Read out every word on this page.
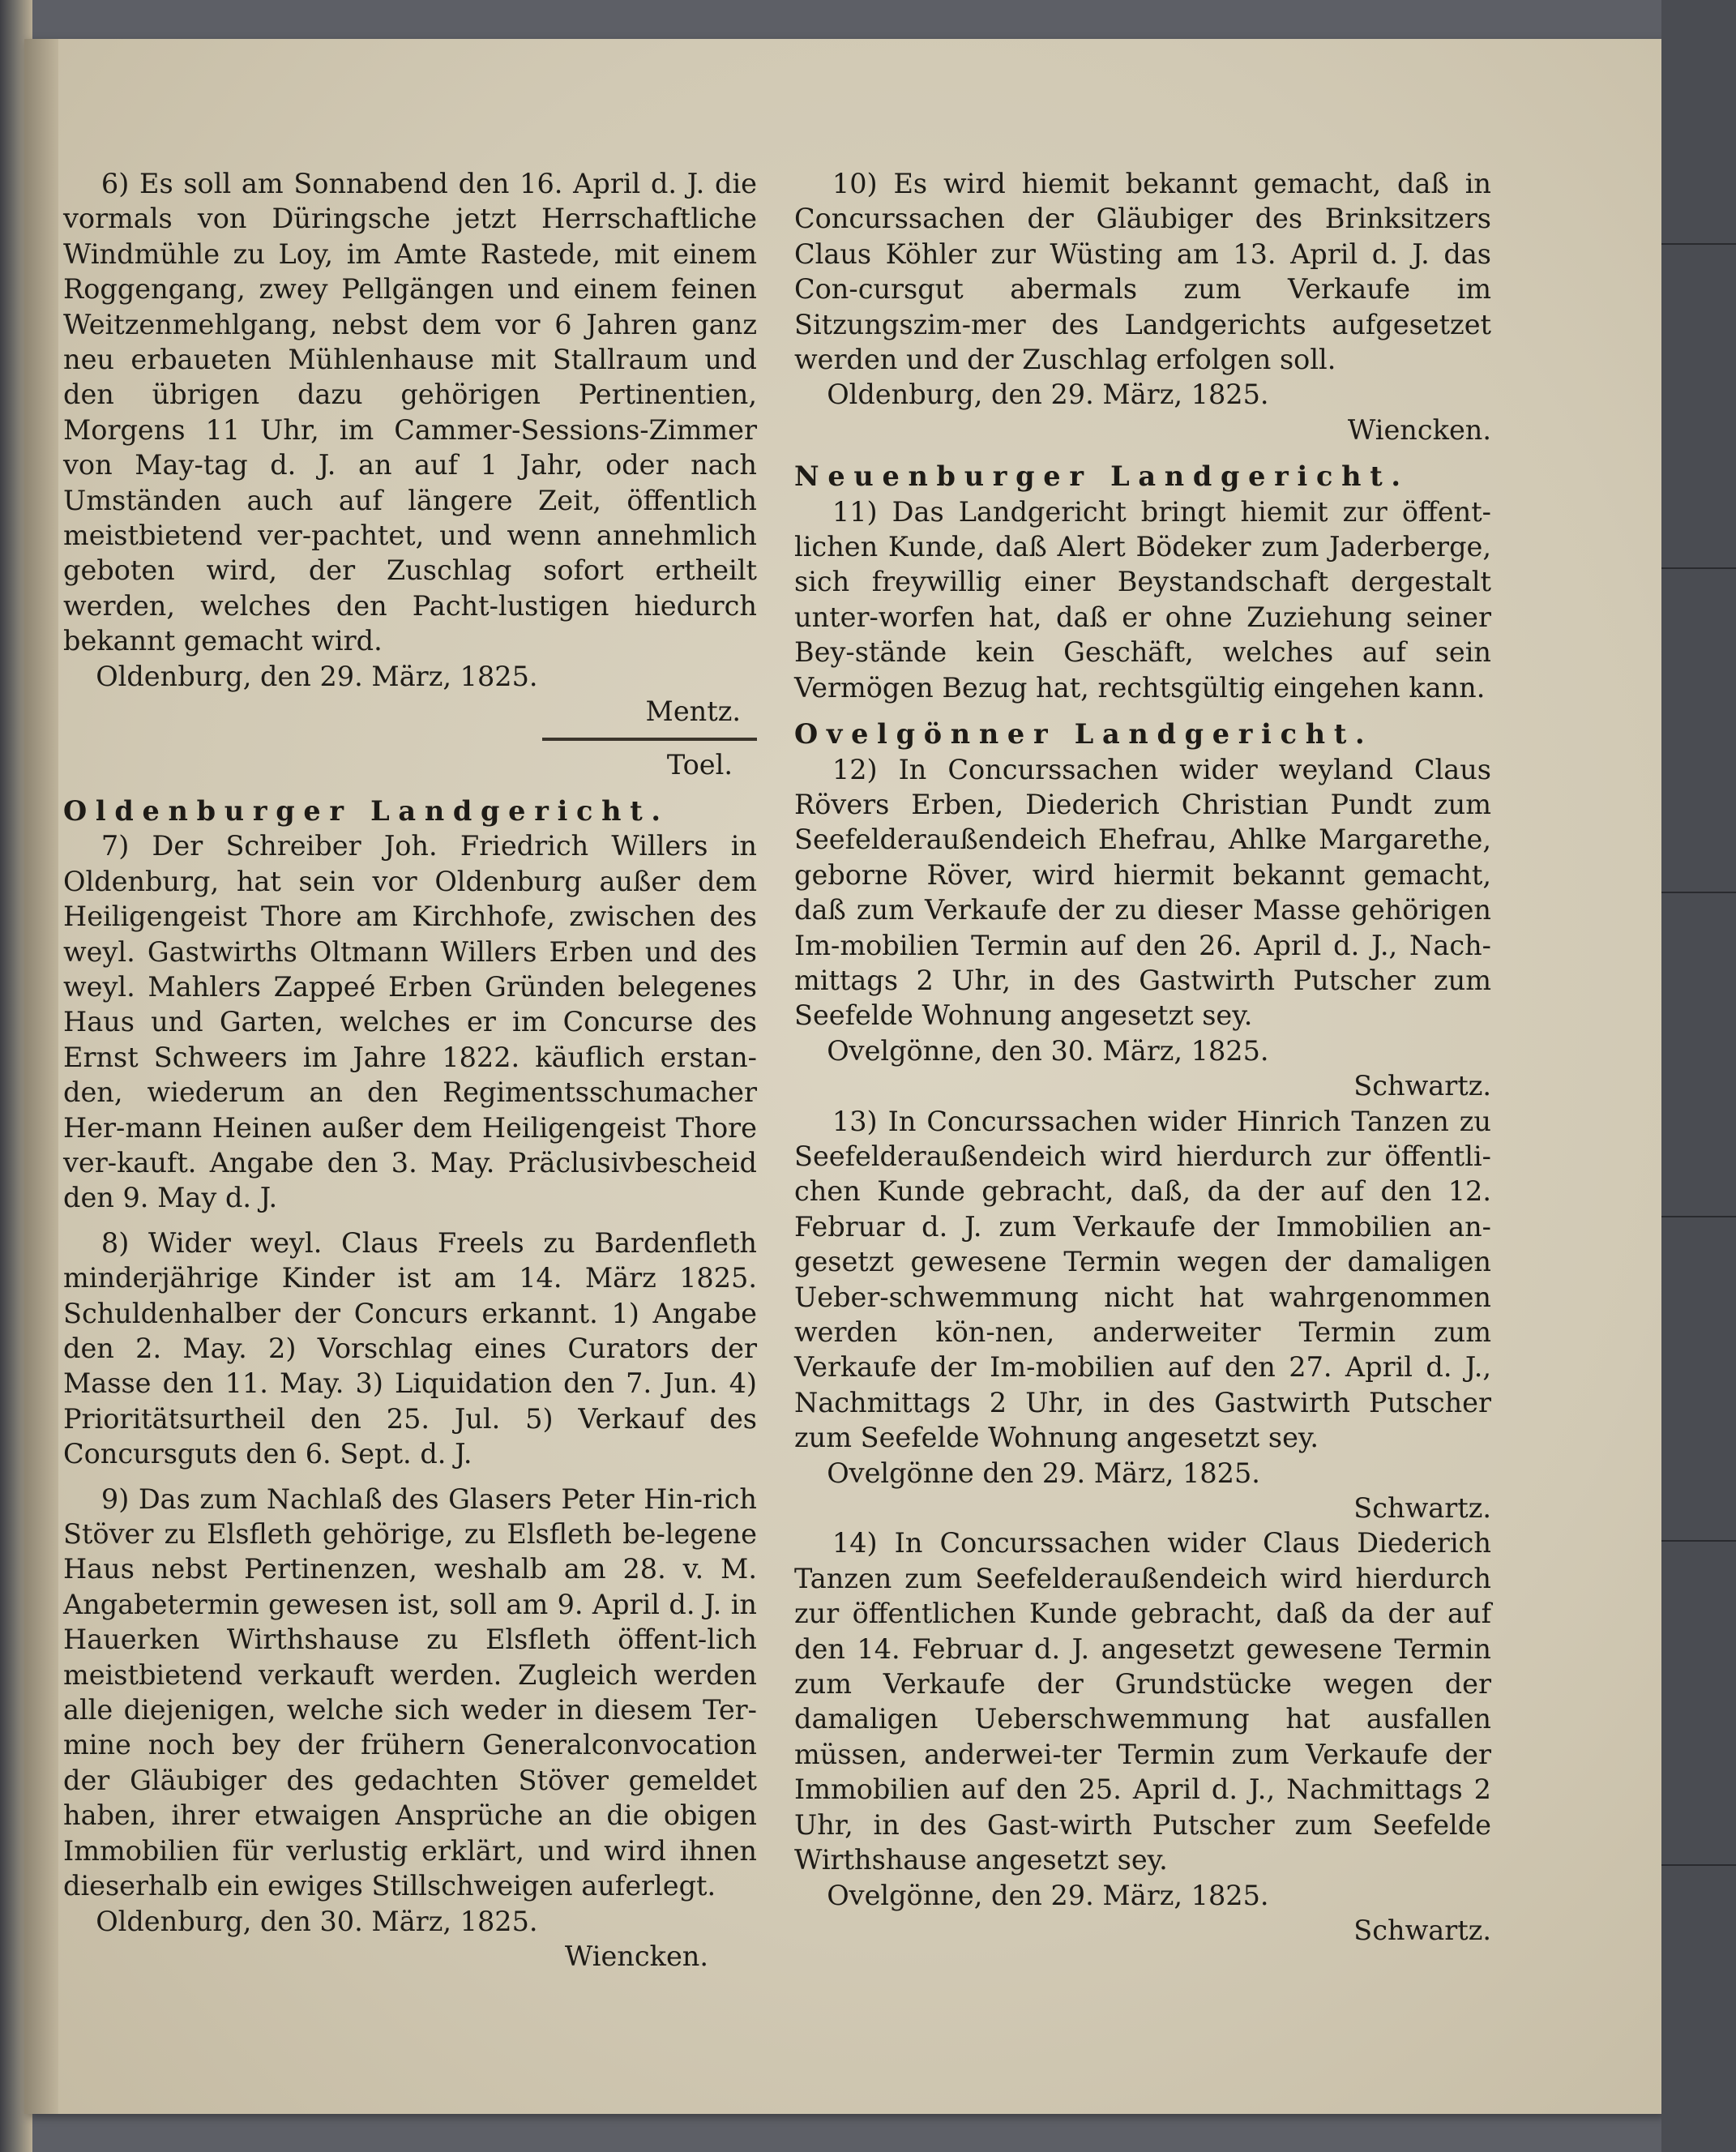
6) Es soll am Sonnabend den 16. April d. J. die vormals von Düringsche jetzt Herrschaftliche Windmühle zu Loy, im Amte Rastede, mit einem Roggengang, zwey Pellgängen und einem feinen Weitzenmehlgang, nebst dem vor 6 Jahren ganz neu erbaueten Mühlenhause mit Stallraum und den übrigen dazu gehörigen Pertinentien, Morgens 11 Uhr, im Cammer-Sessions-Zimmer von May-tag d. J. an auf 1 Jahr, oder nach Umständen auch auf längere Zeit, öffentlich meistbietend ver-pachtet, und wenn annehmlich geboten wird, der Zuschlag sofort ertheilt werden, welches den Pacht-lustigen hiedurch bekannt gemacht wird.

Oldenburg, den 29. März, 1825.

Mentz.

Toel.

Oldenburger Landgericht.

7) Der Schreiber Joh. Friedrich Willers in Oldenburg, hat sein vor Oldenburg außer dem Heiligengeist Thore am Kirchhofe, zwischen des weyl. Gastwirths Oltmann Willers Erben und des weyl. Mahlers Zappeé Erben Gründen belegenes Haus und Garten, welches er im Concurse des Ernst Schweers im Jahre 1822. käuflich erstan-den, wiederum an den Regimentsschumacher Her-mann Heinen außer dem Heiligengeist Thore ver-kauft. Angabe den 3. May. Präclusivbescheid den 9. May d. J.

8) Wider weyl. Claus Freels zu Bardenfleth minderjährige Kinder ist am 14. März 1825. Schuldenhalber der Concurs erkannt. 1) Angabe den 2. May. 2) Vorschlag eines Curators der Masse den 11. May. 3) Liquidation den 7. Jun. 4) Prioritätsurtheil den 25. Jul. 5) Verkauf des Concursguts den 6. Sept. d. J.

9) Das zum Nachlaß des Glasers Peter Hin-rich Stöver zu Elsfleth gehörige, zu Elsfleth be-legene Haus nebst Pertinenzen, weshalb am 28. v. M. Angabetermin gewesen ist, soll am 9. April d. J. in Hauerken Wirthshause zu Elsfleth öffent-lich meistbietend verkauft werden. Zugleich werden alle diejenigen, welche sich weder in diesem Ter-mine noch bey der frühern Generalconvocation der Gläubiger des gedachten Stöver gemeldet haben, ihrer etwaigen Ansprüche an die obigen Immobilien für verlustig erklärt, und wird ihnen dieserhalb ein ewiges Stillschweigen auferlegt.

Oldenburg, den 30. März, 1825.

Wiencken.

10) Es wird hiemit bekannt gemacht, daß in Concurssachen der Gläubiger des Brinksitzers Claus Köhler zur Wüsting am 13. April d. J. das Con-cursgut abermals zum Verkaufe im Sitzungszim-mer des Landgerichts aufgesetzet werden und der Zuschlag erfolgen soll.

Oldenburg, den 29. März, 1825.

Wiencken.

Neuenburger Landgericht.

11) Das Landgericht bringt hiemit zur öffent-lichen Kunde, daß Alert Bödeker zum Jaderberge, sich freywillig einer Beystandschaft dergestalt unter-worfen hat, daß er ohne Zuziehung seiner Bey-stände kein Geschäft, welches auf sein Vermögen Bezug hat, rechtsgültig eingehen kann.

Ovelgönner Landgericht.

12) In Concurssachen wider weyland Claus Rövers Erben, Diederich Christian Pundt zum Seefelderaußendeich Ehefrau, Ahlke Margarethe, geborne Röver, wird hiermit bekannt gemacht, daß zum Verkaufe der zu dieser Masse gehörigen Im-mobilien Termin auf den 26. April d. J., Nach-mittags 2 Uhr, in des Gastwirth Putscher zum Seefelde Wohnung angesetzt sey.

Ovelgönne, den 30. März, 1825.

Schwartz.

13) In Concurssachen wider Hinrich Tanzen zu Seefelderaußendeich wird hierdurch zur öffentli-chen Kunde gebracht, daß, da der auf den 12. Februar d. J. zum Verkaufe der Immobilien an-gesetzt gewesene Termin wegen der damaligen Ueber-schwemmung nicht hat wahrgenommen werden kön-nen, anderweiter Termin zum Verkaufe der Im-mobilien auf den 27. April d. J., Nachmittags 2 Uhr, in des Gastwirth Putscher zum Seefelde Wohnung angesetzt sey.

Ovelgönne den 29. März, 1825.

Schwartz.

14) In Concurssachen wider Claus Diederich Tanzen zum Seefelderaußendeich wird hierdurch zur öffentlichen Kunde gebracht, daß da der auf den 14. Februar d. J. angesetzt gewesene Termin zum Verkaufe der Grundstücke wegen der damaligen Ueberschwemmung hat ausfallen müssen, anderwei-ter Termin zum Verkaufe der Immobilien auf den 25. April d. J., Nachmittags 2 Uhr, in des Gast-wirth Putscher zum Seefelde Wirthshause angesetzt sey.

Ovelgönne, den 29. März, 1825.

Schwartz.
